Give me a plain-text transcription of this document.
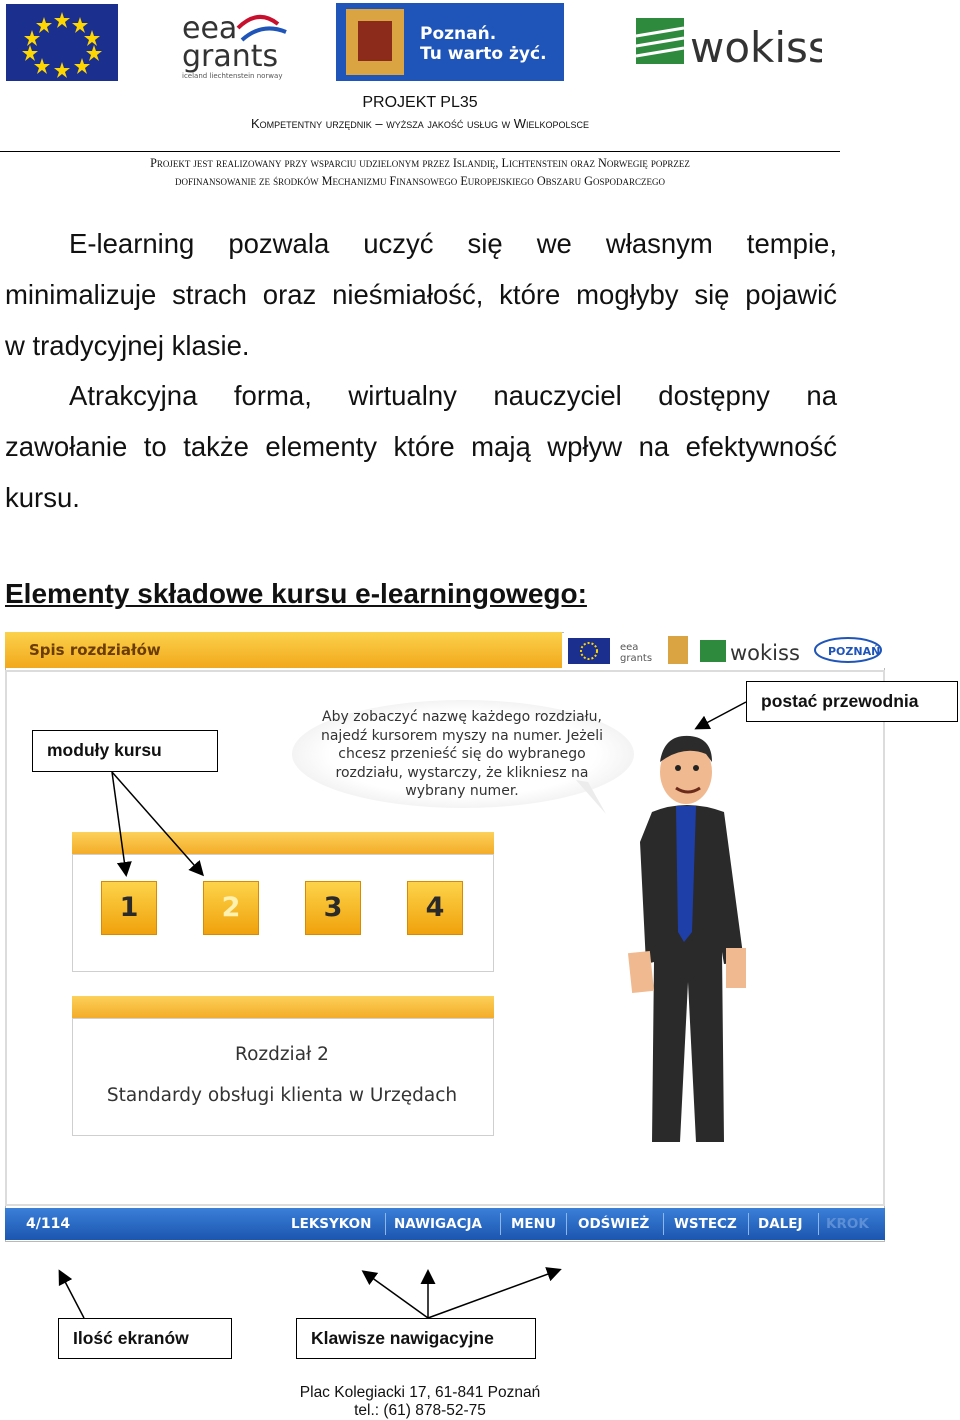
eea
grants
iceland liechtenstein norway
Poznań.
Tu warto żyć.	wokiss
PROJEKT PL35
Kompetentny urzędnik – wyższa jakość usług w Wielkopolsce
Projekt jest realizowany przy wsparciu udzielonym przez Islandię, Lichtenstein oraz Norwegię poprzez
dofinansowanie ze środków Mechanizmu Finansowego Europejskiego Obszaru Gospodarczego
E-learning pozwala uczyć się we własnym tempie,
minimalizuje strach oraz nieśmiałość, które mogłyby się pojawić
w tradycyjnej klasie.
Atrakcyjna forma, wirtualny nauczyciel dostępny na
zawołanie to także elementy które mają wpływ na efektywność
kursu.
Elementy składowe kursu e-learningowego:
Spis rozdziałów	eea
grants	wokiss	POZNAŃ
Aby zobaczyć nazwę każdego rozdziału, najedź kursorem myszy na numer. Jeżeli chcesz przenieść się do wybranego rozdziału, wystarczy, że klikniesz na wybrany numer.
1	2	3	4
Rozdział 2
Standardy obsługi klienta w Urzędach
4/114	LEKSYKON NAWIGACJA MENU ODŚWIEŻ WSTECZ DALEJ KROK
moduły kursu
postać przewodnia
Ilość ekranów	Klawisze nawigacyjne
Plac Kolegiacki 17, 61-841 Poznań
tel.: (61) 878-52-75
